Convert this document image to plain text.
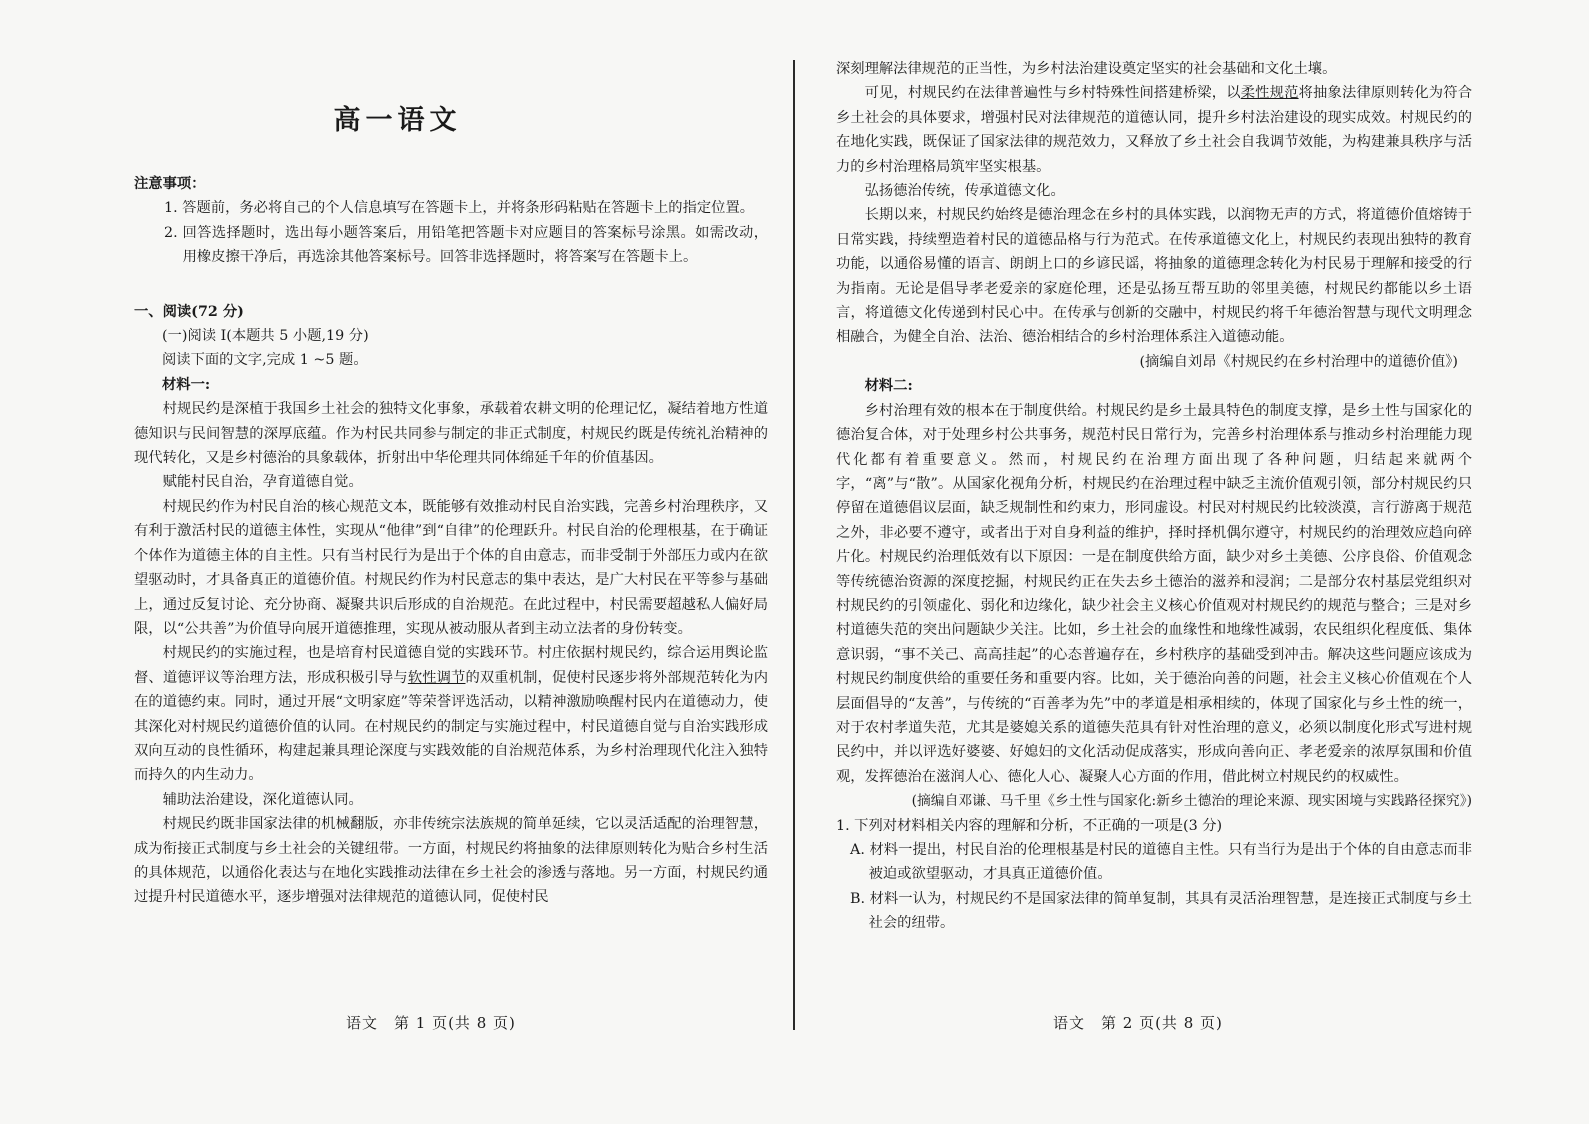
高一语文

注意事项：

1. 答题前，务必将自己的个人信息填写在答题卡上，并将条形码粘贴在答题卡上的指定位置。

2. 回答选择题时，选出每小题答案后，用铅笔把答题卡对应题目的答案标号涂黑。如需改动，用橡皮擦干净后，再选涂其他答案标号。回答非选择题时，将答案写在答题卡上。

一、阅读(72 分)

(一)阅读 I(本题共 5 小题,19 分)

阅读下面的文字,完成 1 ~5 题。

材料一:

村规民约是深植于我国乡土社会的独特文化事象，承载着农耕文明的伦理记忆，凝结着地方性道德知识与民间智慧的深厚底蕴。作为村民共同参与制定的非正式制度，村规民约既是传统礼治精神的现代转化，又是乡村德治的具象载体，折射出中华伦理共同体绵延千年的价值基因。

赋能村民自治，孕育道德自觉。

村规民约作为村民自治的核心规范文本，既能够有效推动村民自治实践，完善乡村治理秩序，又有利于激活村民的道德主体性，实现从“他律”到“自律”的伦理跃升。村民自治的伦理根基，在于确证个体作为道德主体的自主性。只有当村民行为是出于个体的自由意志，而非受制于外部压力或内在欲望驱动时，才具备真正的道德价值。村规民约作为村民意志的集中表达，是广大村民在平等参与基础上，通过反复讨论、充分协商、凝聚共识后形成的自治规范。在此过程中，村民需要超越私人偏好局限，以“公共善”为价值导向展开道德推理，实现从被动服从者到主动立法者的身份转变。

村规民约的实施过程，也是培育村民道德自觉的实践环节。村庄依据村规民约，综合运用舆论监督、道德评议等治理方法，形成积极引导与软性调节的双重机制，促使村民逐步将外部规范转化为内在的道德约束。同时，通过开展“文明家庭”等荣誉评选活动，以精神激励唤醒村民内在道德动力，使其深化对村规民约道德价值的认同。在村规民约的制定与实施过程中，村民道德自觉与自治实践形成双向互动的良性循环，构建起兼具理论深度与实践效能的自治规范体系，为乡村治理现代化注入独特而持久的内生动力。

辅助法治建设，深化道德认同。

村规民约既非国家法律的机械翻版，亦非传统宗法族规的简单延续，它以灵活适配的治理智慧，成为衔接正式制度与乡土社会的关键纽带。一方面，村规民约将抽象的法律原则转化为贴合乡村生活的具体规范，以通俗化表达与在地化实践推动法律在乡土社会的渗透与落地。另一方面，村规民约通过提升村民道德水平，逐步增强对法律规范的道德认同，促使村民

语文　第 1 页(共 8 页)

深刻理解法律规范的正当性，为乡村法治建设奠定坚实的社会基础和文化土壤。

可见，村规民约在法律普遍性与乡村特殊性间搭建桥梁，以柔性规范将抽象法律原则转化为符合乡土社会的具体要求，增强村民对法律规范的道德认同，提升乡村法治建设的现实成效。村规民约的在地化实践，既保证了国家法律的规范效力，又释放了乡土社会自我调节效能，为构建兼具秩序与活力的乡村治理格局筑牢坚实根基。

弘扬德治传统，传承道德文化。

长期以来，村规民约始终是德治理念在乡村的具体实践，以润物无声的方式，将道德价值熔铸于日常实践，持续塑造着村民的道德品格与行为范式。在传承道德文化上，村规民约表现出独特的教育功能，以通俗易懂的语言、朗朗上口的乡谚民谣，将抽象的道德理念转化为村民易于理解和接受的行为指南。无论是倡导孝老爱亲的家庭伦理，还是弘扬互帮互助的邻里美德，村规民约都能以乡土语言，将道德文化传递到村民心中。在传承与创新的交融中，村规民约将千年德治智慧与现代文明理念相融合，为健全自治、法治、德治相结合的乡村治理体系注入道德动能。

(摘编自刘昂《村规民约在乡村治理中的道德价值》)

材料二:

乡村治理有效的根本在于制度供给。村规民约是乡土最具特色的制度支撑，是乡土性与国家化的德治复合体，对于处理乡村公共事务，规范村民日常行为，完善乡村治理体系与推动乡村治理能力现代化都有着重要意义。然而，村规民约在治理方面出现了各种问题，归结起来就两个字，“离”与“散”。从国家化视角分析，村规民约在治理过程中缺乏主流价值观引领，部分村规民约只停留在道德倡议层面，缺乏规制性和约束力，形同虚设。村民对村规民约比较淡漠，言行游离于规范之外，非必要不遵守，或者出于对自身利益的维护，择时择机偶尔遵守，村规民约的治理效应趋向碎片化。村规民约治理低效有以下原因：一是在制度供给方面，缺少对乡土美德、公序良俗、价值观念等传统德治资源的深度挖掘，村规民约正在失去乡土德治的滋养和浸润；二是部分农村基层党组织对村规民约的引领虚化、弱化和边缘化，缺少社会主义核心价值观对村规民约的规范与整合；三是对乡村道德失范的突出问题缺少关注。比如，乡土社会的血缘性和地缘性减弱，农民组织化程度低、集体意识弱，“事不关己、高高挂起”的心态普遍存在，乡村秩序的基础受到冲击。解决这些问题应该成为村规民约制度供给的重要任务和重要内容。比如，关于德治向善的问题，社会主义核心价值观在个人层面倡导的“友善”，与传统的“百善孝为先”中的孝道是相承相续的，体现了国家化与乡土性的统一，对于农村孝道失范，尤其是婆媳关系的道德失范具有针对性治理的意义，必须以制度化形式写进村规民约中，并以评选好婆婆、好媳妇的文化活动促成落实，形成向善向正、孝老爱亲的浓厚氛围和价值观，发挥德治在滋润人心、德化人心、凝聚人心方面的作用，借此树立村规民约的权威性。

(摘编自邓谦、马千里《乡土性与国家化:新乡土德治的理论来源、现实困境与实践路径探究》)

1. 下列对材料相关内容的理解和分析，不正确的一项是(3 分)

A. 材料一提出，村民自治的伦理根基是村民的道德自主性。只有当行为是出于个体的自由意志而非被迫或欲望驱动，才具真正道德价值。

B. 材料一认为，村规民约不是国家法律的简单复制，其具有灵活治理智慧，是连接正式制度与乡土社会的纽带。

语文　第 2 页(共 8 页)
